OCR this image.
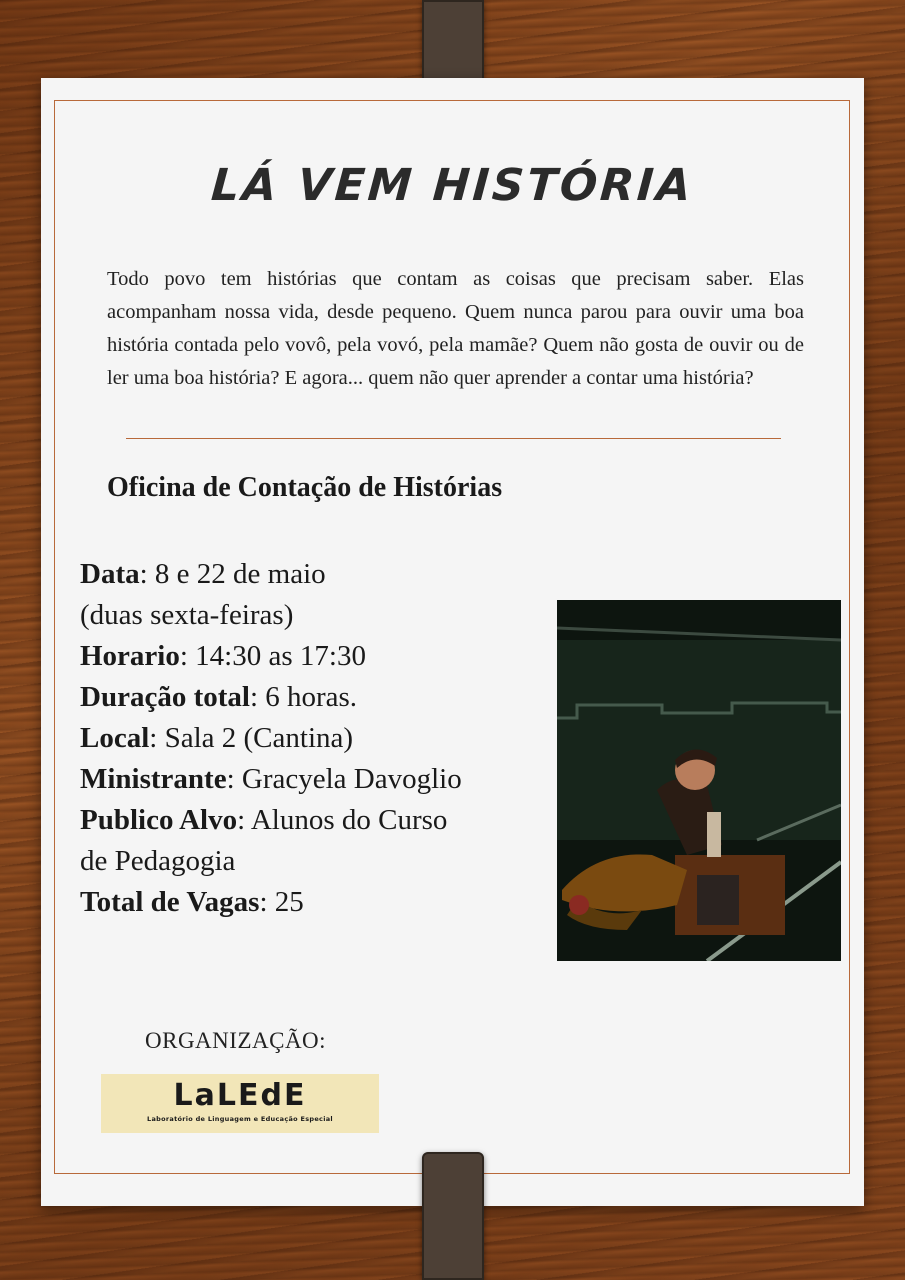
LÁ VEM HISTÓRIA
Todo povo tem histórias que contam as coisas que precisam saber. Elas acompanham nossa vida, desde pequeno. Quem nunca parou para ouvir uma boa história contada pelo vovô, pela vovó, pela mamãe? Quem não gosta de ouvir ou de ler uma boa história? E agora... quem não quer aprender a contar uma história?
Oficina de Contação de Histórias
Data: 8 e 22 de maio
(duas sexta-feiras)
Horario: 14:30 as 17:30
Duração total: 6 horas.
Local: Sala 2 (Cantina)
Ministrante: Gracyela Davoglio
Publico Alvo: Alunos do Curso
de Pedagogia
Total de Vagas: 25
ORGANIZAÇÃO:
LaLEdE
Laboratório de Linguagem e Educação Especial
